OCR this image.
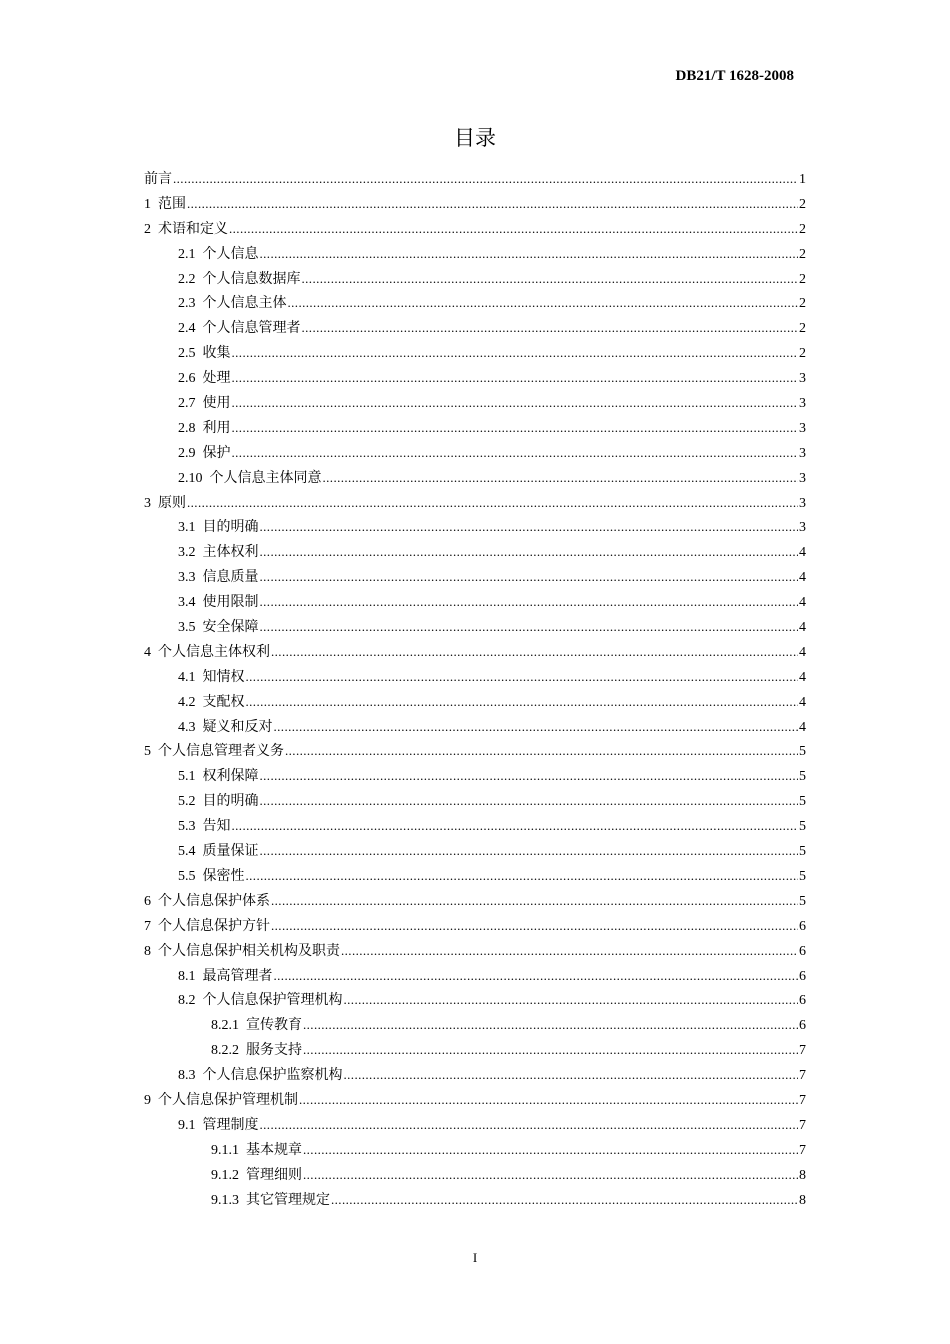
DB21/T 1628-2008
目录
前言 .....	1
1 范围 .....	2
2 术语和定义 .....	2
2.1 个人信息 .....	2
2.2 个人信息数据库 .....	2
2.3 个人信息主体 .....	2
2.4 个人信息管理者 .....	2
2.5 收集 .....	2
2.6 处理 .....	3
2.7 使用 .....	3
2.8 利用 .....	3
2.9 保护 .....	3
2.10 个人信息主体同意 .....	3
3 原则 .....	3
3.1 目的明确 .....	3
3.2 主体权利 .....	4
3.3 信息质量 .....	4
3.4 使用限制 .....	4
3.5 安全保障 .....	4
4 个人信息主体权利 .....	4
4.1 知情权 .....	4
4.2 支配权 .....	4
4.3 疑义和反对 .....	4
5 个人信息管理者义务 .....	5
5.1 权利保障 .....	5
5.2 目的明确 .....	5
5.3 告知 .....	5
5.4 质量保证 .....	5
5.5 保密性 .....	5
6 个人信息保护体系 .....	5
7 个人信息保护方针 .....	6
8 个人信息保护相关机构及职责 .....	6
8.1 最高管理者 .....	6
8.2 个人信息保护管理机构 .....	6
8.2.1 宣传教育 .....	6
8.2.2 服务支持 .....	7
8.3 个人信息保护监察机构 .....	7
9 个人信息保护管理机制 .....	7
9.1 管理制度 .....	7
9.1.1 基本规章 .....	7
9.1.2 管理细则 .....	8
9.1.3 其它管理规定 .....	8
I
